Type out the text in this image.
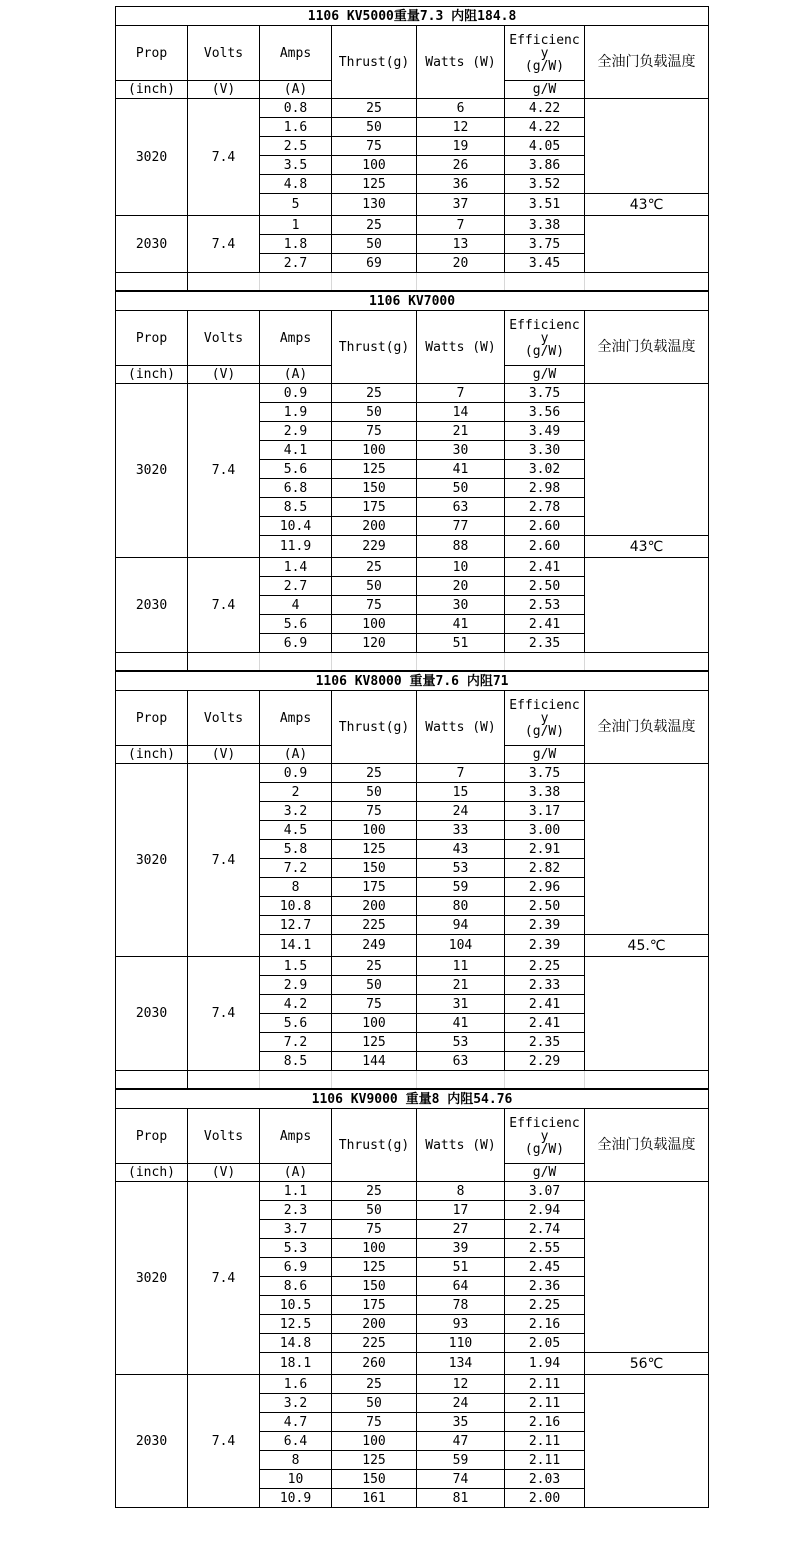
1106 KV5000重量7.3 内阻184.8						
Prop	Volts	Amps	Thrust(g)	Watts (W)	Efficienc
y
(g/W)	全油门负载温度
(inch)	(V)	(A)			g/W	
3020	7.4	0.8	25	6	4.22	
		1.6	50	12	4.22	
		2.5	75	19	4.05	
		3.5	100	26	3.86	
		4.8	125	36	3.52	
		5	130	37	3.51	43℃
2030	7.4	1	25	7	3.38	
		1.8	50	13	3.75	
		2.7	69	20	3.45	

1106 KV7000						
Prop	Volts	Amps	Thrust(g)	Watts (W)	Efficienc
y
(g/W)	全油门负载温度
(inch)	(V)	(A)			g/W	
3020	7.4	0.9	25	7	3.75	
		1.9	50	14	3.56	
		2.9	75	21	3.49	
		4.1	100	30	3.30	
		5.6	125	41	3.02	
		6.8	150	50	2.98	
		8.5	175	63	2.78	
		10.4	200	77	2.60	
		11.9	229	88	2.60	43℃
2030	7.4	1.4	25	10	2.41	
		2.7	50	20	2.50	
		4	75	30	2.53	
		5.6	100	41	2.41	
		6.9	120	51	2.35	

1106 KV8000 重量7.6 内阻71						
Prop	Volts	Amps	Thrust(g)	Watts (W)	Efficienc
y
(g/W)	全油门负载温度
(inch)	(V)	(A)			g/W	
3020	7.4	0.9	25	7	3.75	
		2	50	15	3.38	
		3.2	75	24	3.17	
		4.5	100	33	3.00	
		5.8	125	43	2.91	
		7.2	150	53	2.82	
		8	175	59	2.96	
		10.8	200	80	2.50	
		12.7	225	94	2.39	
		14.1	249	104	2.39	45.℃
2030	7.4	1.5	25	11	2.25	
		2.9	50	21	2.33	
		4.2	75	31	2.41	
		5.6	100	41	2.41	
		7.2	125	53	2.35	
		8.5	144	63	2.29	

1106 KV9000 重量8 内阻54.76						
Prop	Volts	Amps	Thrust(g)	Watts (W)	Efficienc
y
(g/W)	全油门负载温度
(inch)	(V)	(A)			g/W	
3020	7.4	1.1	25	8	3.07	
		2.3	50	17	2.94	
		3.7	75	27	2.74	
		5.3	100	39	2.55	
		6.9	125	51	2.45	
		8.6	150	64	2.36	
		10.5	175	78	2.25	
		12.5	200	93	2.16	
		14.8	225	110	2.05	
		18.1	260	134	1.94	56℃
2030	7.4	1.6	25	12	2.11	
		3.2	50	24	2.11	
		4.7	75	35	2.16	
		6.4	100	47	2.11	
		8	125	59	2.11	
		10	150	74	2.03	
		10.9	161	81	2.00	
